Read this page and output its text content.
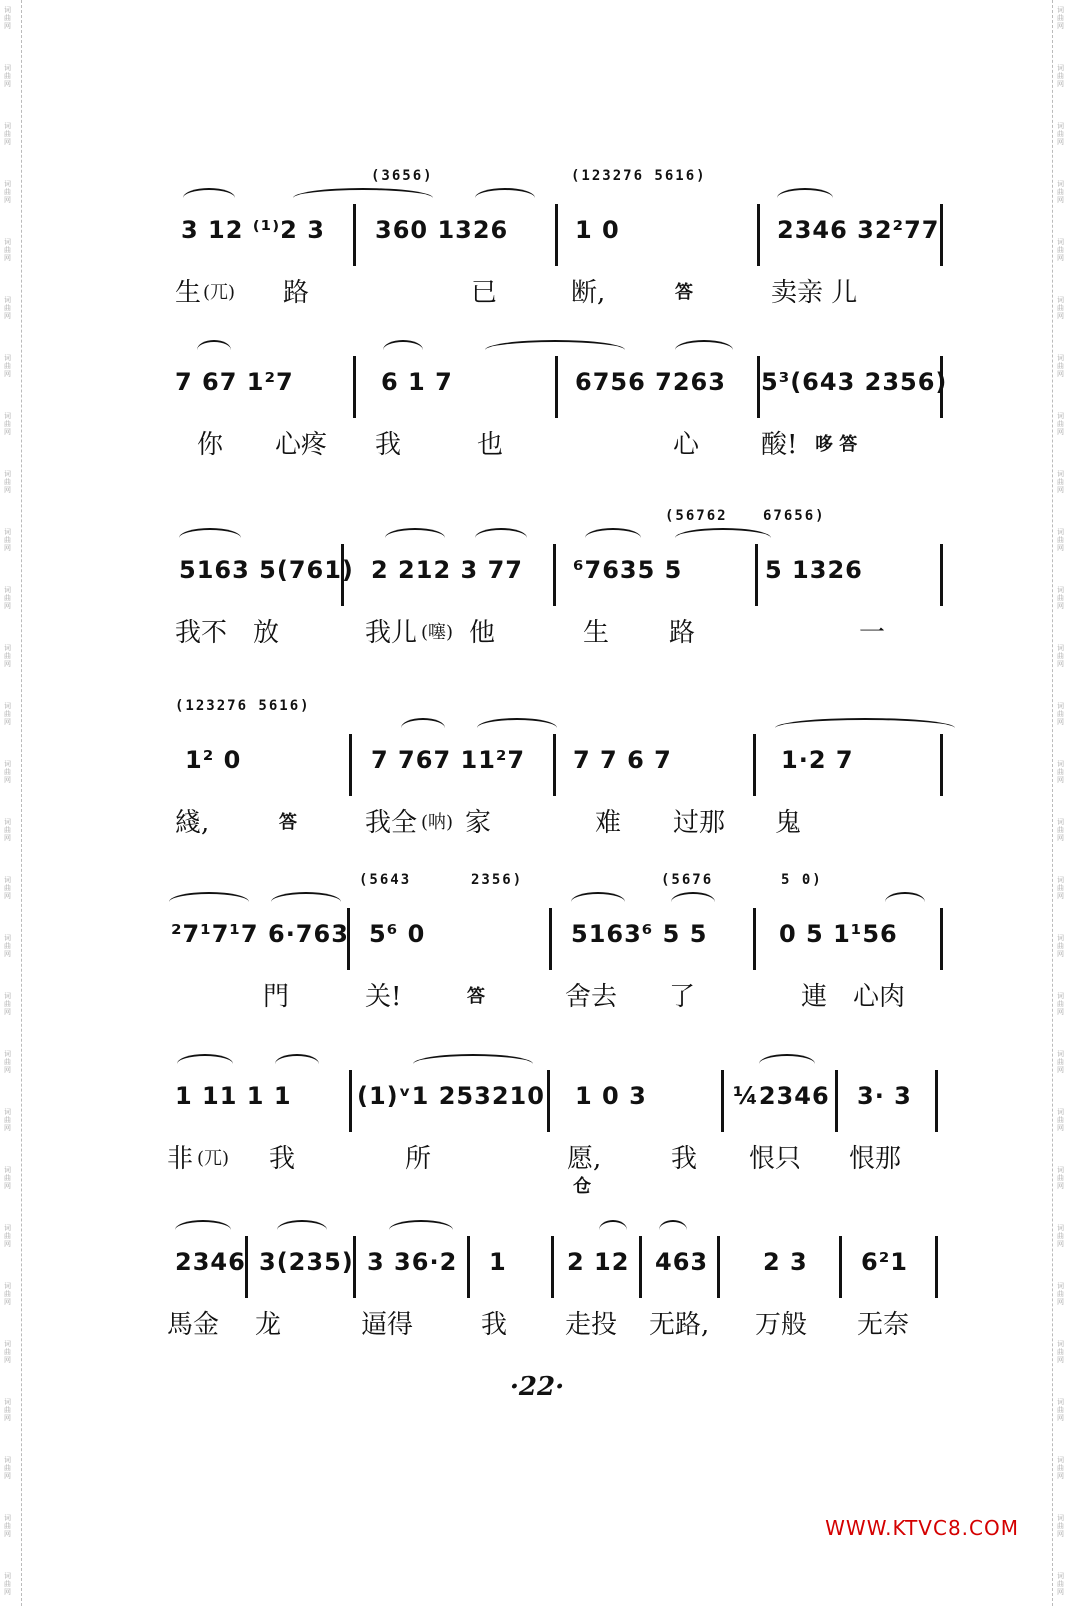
词曲网
词曲网
词曲网
词曲网
词曲网
词曲网
词曲网
词曲网
词曲网
词曲网
词曲网
词曲网
词曲网
词曲网
词曲网
词曲网
词曲网
词曲网
词曲网
词曲网
词曲网
词曲网
词曲网
词曲网
词曲网
词曲网
词曲网
词曲网
词曲网
词曲网
词曲网
词曲网
词曲网
词曲网
词曲网
词曲网
词曲网
词曲网
词曲网
词曲网
词曲网
词曲网
词曲网
词曲网
词曲网
词曲网
词曲网
词曲网
词曲网
词曲网
词曲网
词曲网
词曲网
词曲网
词曲网
词曲网
(3656)	(123276 5616)
3 12 ⁽¹⁾2 3 360 1326	1 0	2346 32²77
生 (兀) 路	已	断,	答	卖亲 儿
7 67 1²7	6 1 7	6756 7263 5³(643 2356)
你 心疼 我	也	心 酸! 哆 答
(56762	67656)
5163 5(761) 2 212 3 77 ⁶7635 5	5 1326
我不 放	我儿 (噻) 他	生 路	一
(123276 5616)
1² 0	7 767 11²7 7 7 6 7	1·2 7
綫,	答	我全 (呐) 家	难 过那 鬼
(5643	2356)	(5676	5 0)
²7¹7¹7 6·763 5⁶ 0	5163⁶ 5 5	0 5 1¹56
門	关!	答	舍去 了	連 心肉
1 11 1 1	(1)ᵛ1 253210 1 0 3	¼2346 3· 3
非 (兀) 我	所	愿,	我 恨只 恨那
仓
2346 3(235) 3 36·2 1	2 12 463 2 3 6²1
馬金 龙	逼得	我 走投 无路, 万般 无奈
·22·
WWW.KTVC8.COM
